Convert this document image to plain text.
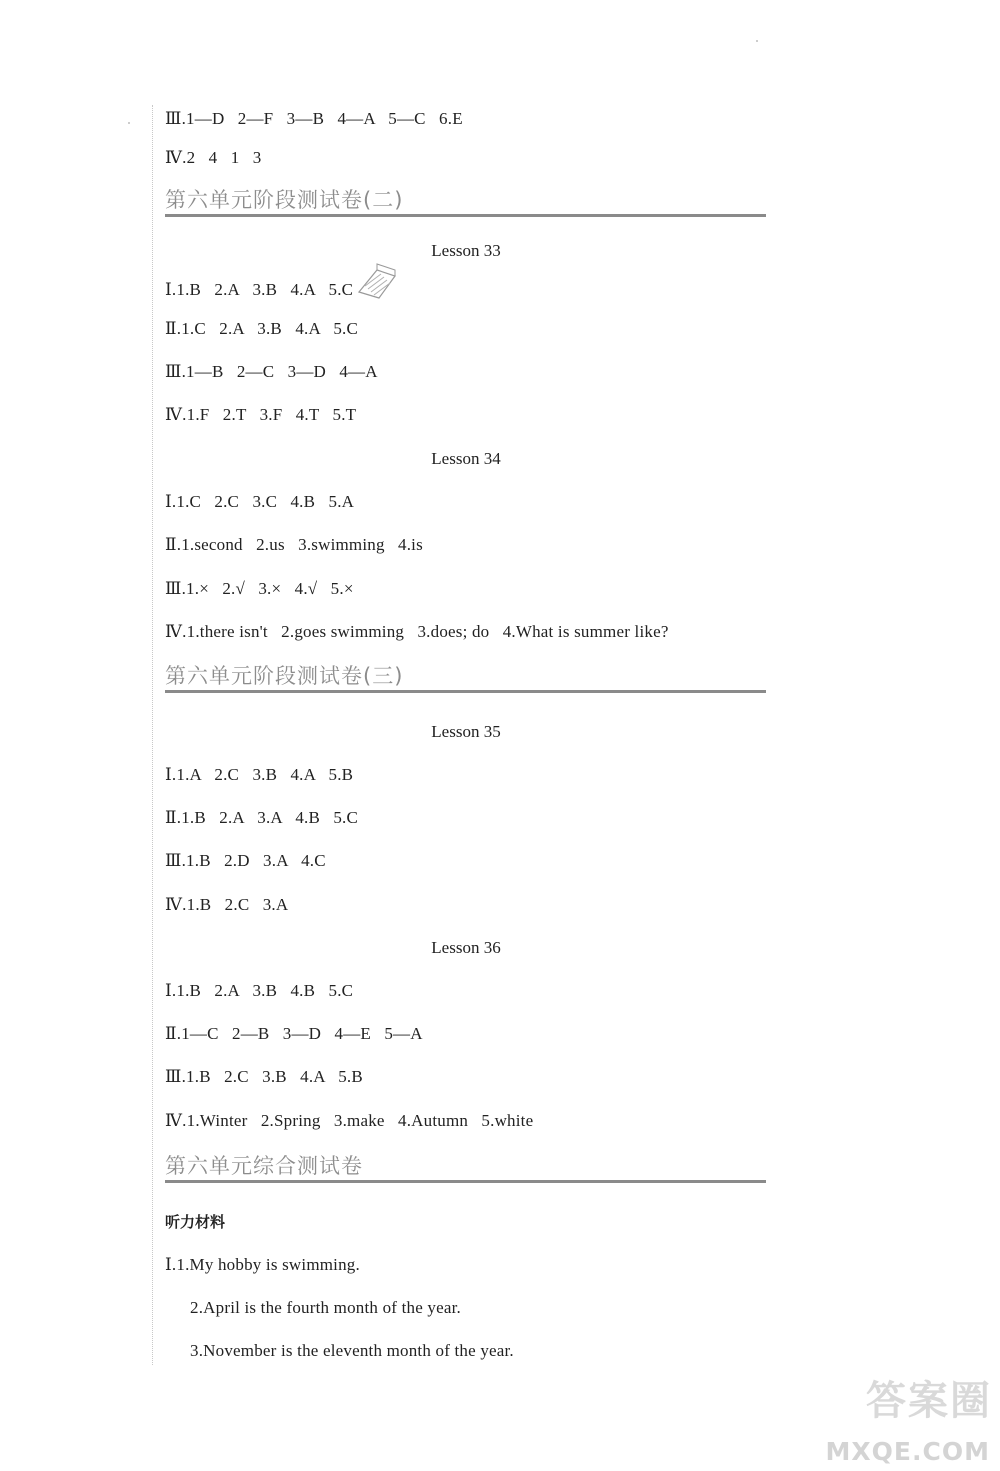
Ⅲ.1—D   2—F   3—B   4—A   5—C   6.E
Ⅳ.2   4   1   3
第六单元阶段测试卷(二)
Lesson 33
Ⅰ.1.B   2.A   3.B   4.A   5.C
Ⅱ.1.C   2.A   3.B   4.A   5.C
Ⅲ.1—B   2—C   3—D   4—A
Ⅳ.1.F   2.T   3.F   4.T   5.T
Lesson 34
Ⅰ.1.C   2.C   3.C   4.B   5.A
Ⅱ.1.second   2.us   3.swimming   4.is
Ⅲ.1.×   2.√   3.×   4.√   5.×
Ⅳ.1.there isn't   2.goes swimming   3.does; do   4.What is summer like?
第六单元阶段测试卷(三)
Lesson 35
Ⅰ.1.A   2.C   3.B   4.A   5.B
Ⅱ.1.B   2.A   3.A   4.B   5.C
Ⅲ.1.B   2.D   3.A   4.C
Ⅳ.1.B   2.C   3.A
Lesson 36
Ⅰ.1.B   2.A   3.B   4.B   5.C
Ⅱ.1—C   2—B   3—D   4—E   5—A
Ⅲ.1.B   2.C   3.B   4.A   5.B
Ⅳ.1.Winter   2.Spring   3.make   4.Autumn   5.white
第六单元综合测试卷
听力材料
Ⅰ.1.My hobby is swimming.
2.April is the fourth month of the year.
3.November is the eleventh month of the year.
答案圈
MXQE.COM
